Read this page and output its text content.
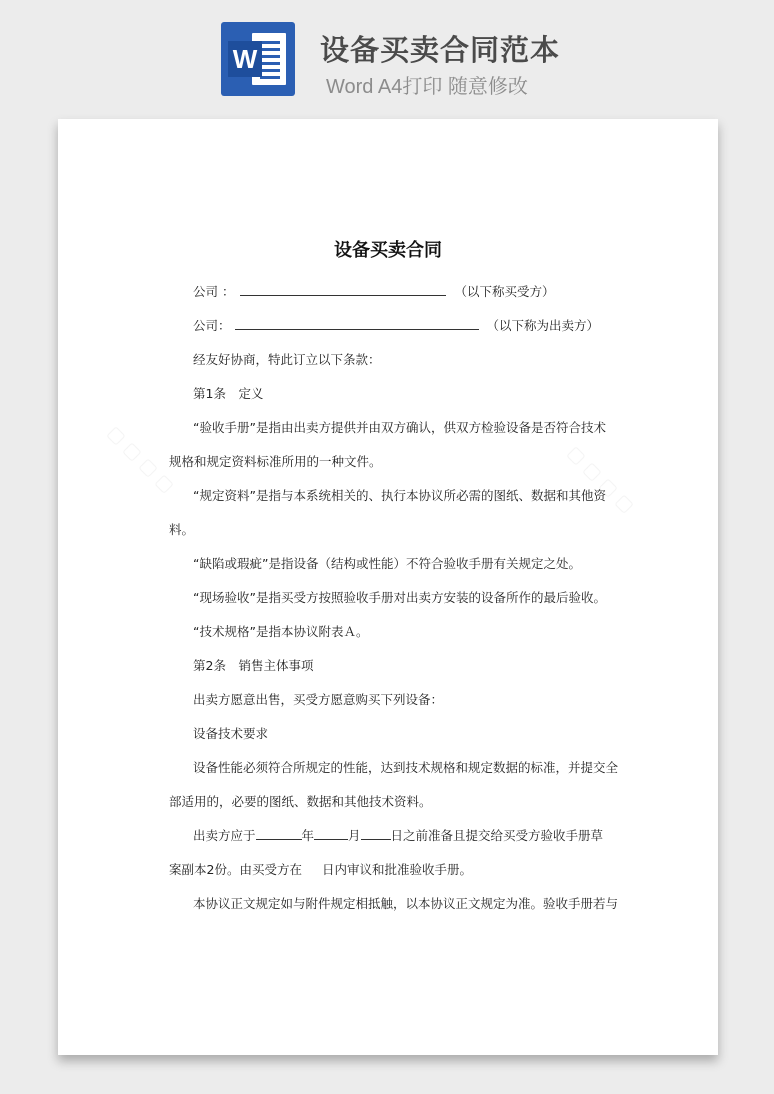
W 设备买卖合同范本
Word A4打印 随意修改
▢ ▢ ▢ ▢	▢ ▢ ▢ ▢
设备买卖合同
公司 ：	（以下称买受方）
公司：	（以下称为出卖方）
经友好协商，特此订立以下条款：
第1条　定义
“验收手册”是指由出卖方提供并由双方确认，供双方检验设备是否符合技术
规格和规定资料标准所用的一种文件。
“规定资料”是指与本系统相关的、执行本协议所必需的图纸、数据和其他资
料。
“缺陷或瑕疵”是指设备（结构或性能）不符合验收手册有关规定之处。
“现场验收”是指买受方按照验收手册对出卖方安装的设备所作的最后验收。
“技术规格”是指本协议附表Ａ。
第2条　销售主体事项
出卖方愿意出售，买受方愿意购买下列设备：
设备技术要求
设备性能必须符合所规定的性能，达到技术规格和规定数据的标准，并提交全
部适用的，必要的图纸、数据和其他技术资料。
出卖方应于	年	月 日之前准备且提交给买受方验收手册草
案副本2份。由买受方在 日内审议和批准验收手册。
本协议正文规定如与附件规定相抵触，以本协议正文规定为准。验收手册若与
